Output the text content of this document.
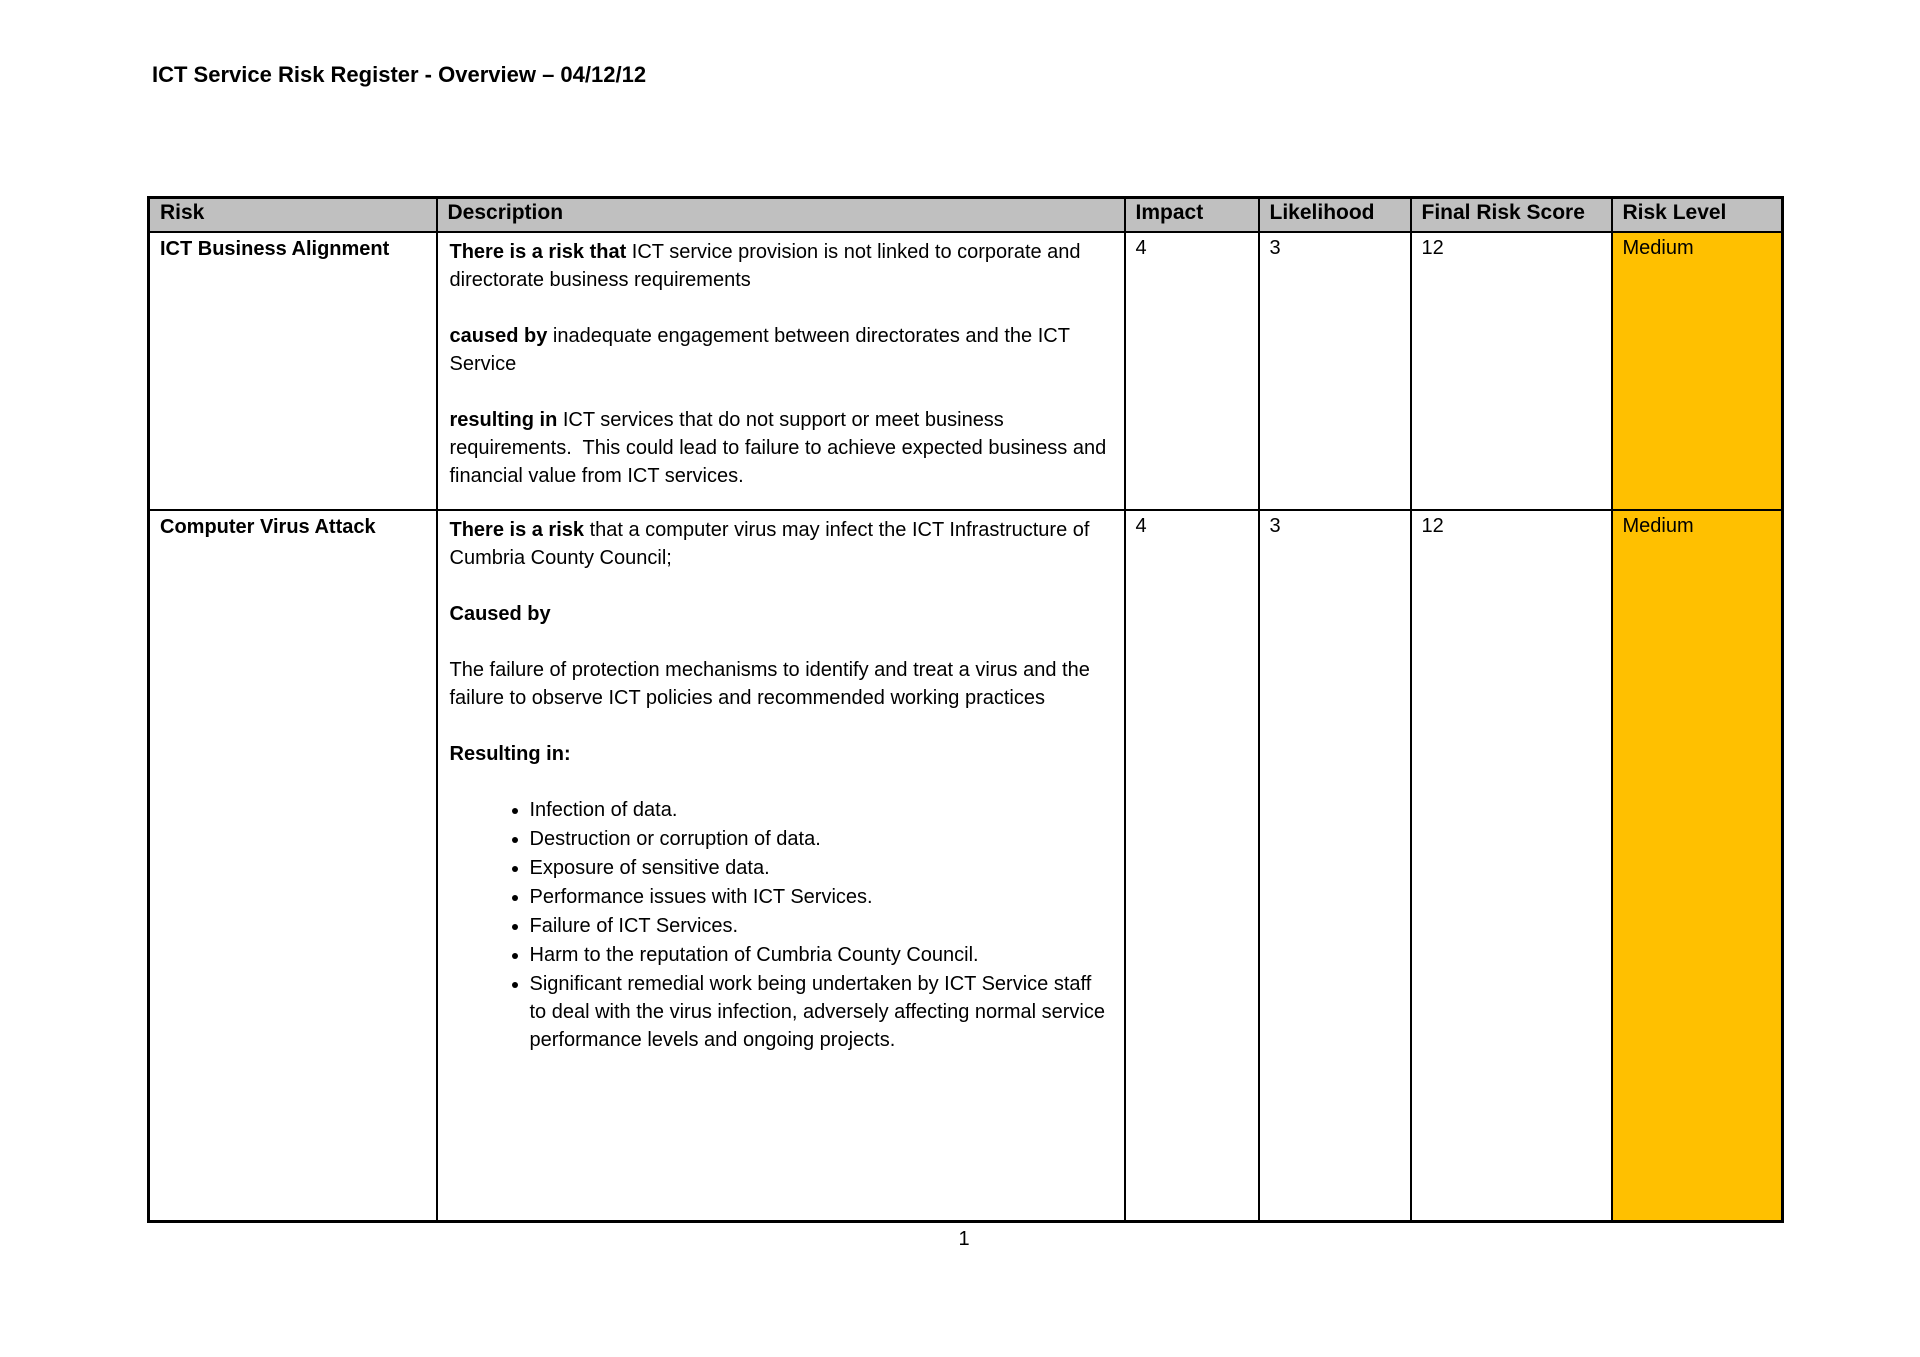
ICT Service Risk Register - Overview – 04/12/12
Risk	Description	Impact	Likelihood	Final Risk Score	Risk Level
ICT Business Alignment	There is a risk that ICT service provision is not linked to corporate and directorate business requirements

caused by inadequate engagement between directorates and the ICT Service

resulting in ICT services that do not support or meet business requirements.  This could lead to failure to achieve expected business and financial value from ICT services.	4	3	12	Medium
Computer Virus Attack	There is a risk that a computer virus may infect the ICT Infrastructure of Cumbria County Council;

Caused by

The failure of protection mechanisms to identify and treat a virus and the failure to observe ICT policies and recommended working practices

Resulting in:

• Infection of data.
• Destruction or corruption of data.
• Exposure of sensitive data.
• Performance issues with ICT Services.
• Failure of ICT Services.
• Harm to the reputation of Cumbria County Council.
• Significant remedial work being undertaken by ICT Service staff to deal with the virus infection, adversely affecting normal service performance levels and ongoing projects.
	4	3	12	Medium
1
